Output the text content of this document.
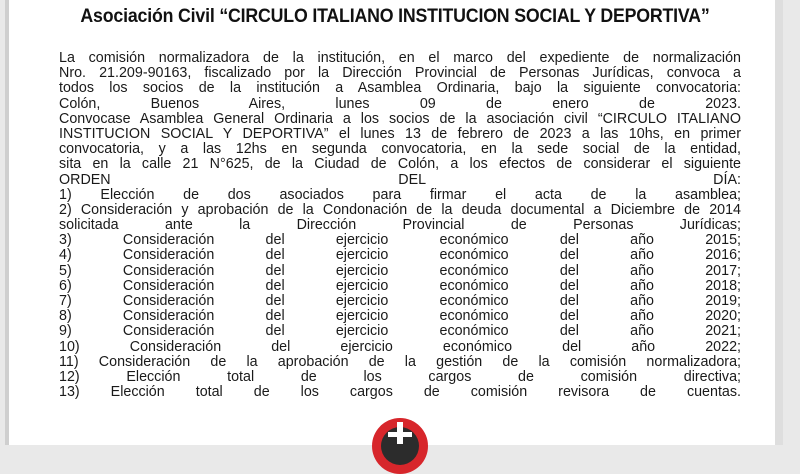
Asociación Civil “CIRCULO ITALIANO INSTITUCION SOCIAL Y DEPORTIVA”
La comisión normalizadora de la institución, en el marco del expediente de normalización
Nro. 21.209-90163, fiscalizado por la Dirección Provincial de Personas Jurídicas, convoca a
todos los socios de la institución a Asamblea Ordinaria, bajo la siguiente convocatoria:
Colón, Buenos Aires, lunes 09 de enero de 2023.
Convocase Asamblea General Ordinaria a los socios de la asociación civil “CIRCULO ITALIANO
INSTITUCION SOCIAL Y DEPORTIVA” el lunes 13 de febrero de 2023 a las 10hs, en primer
convocatoria, y a las 12hs en segunda convocatoria, en la sede social de la entidad,
sita en la calle 21 N°625, de la Ciudad de Colón, a los efectos de considerar el siguiente
ORDEN DEL DÍA:
1) Elección de dos asociados para firmar el acta de la asamblea;
2) Consideración y aprobación de la Condonación de la deuda documental a Diciembre de 2014
solicitada ante la Dirección Provincial de Personas Jurídicas;
3) Consideración del ejercicio económico del año 2015;
4) Consideración del ejercicio económico del año 2016;
5) Consideración del ejercicio económico del año 2017;
6) Consideración del ejercicio económico del año 2018;
7) Consideración del ejercicio económico del año 2019;
8) Consideración del ejercicio económico del año 2020;
9) Consideración del ejercicio económico del año 2021;
10) Consideración del ejercicio económico del año 2022;
11) Consideración de la aprobación de la gestión de la comisión normalizadora;
12) Elección total de los cargos de comisión directiva;
13) Elección total de los cargos de comisión revisora de cuentas.
